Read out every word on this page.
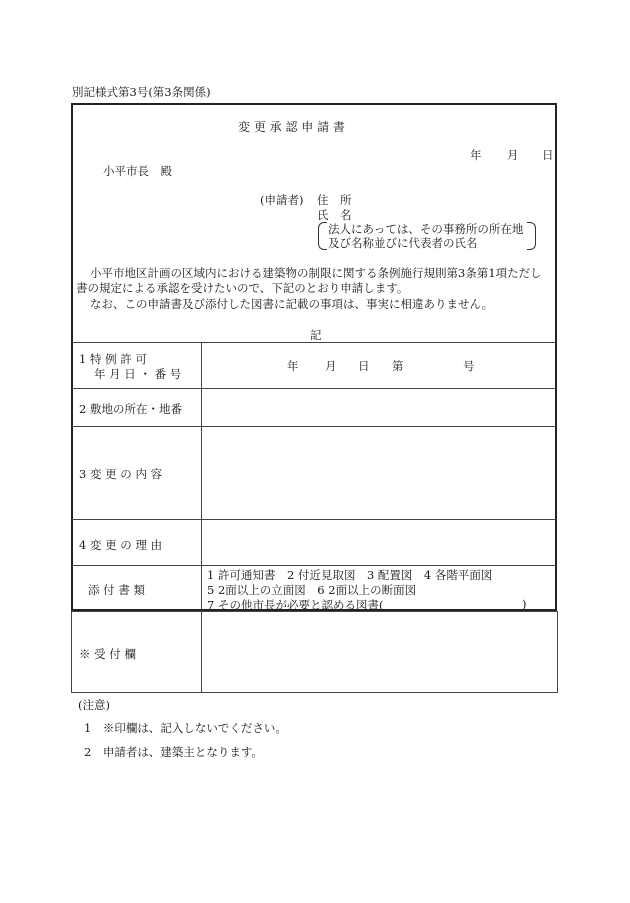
別記様式第3号(第3条関係)
変 更 承 認 申 請 書
年 月 日
小平市長　殿
(申請者) 住　所
氏　名
法人にあっては、その事務所の所在地
及び名称並びに代表者の氏名
小平市地区計画の区域内における建築物の制限に関する条例施行規則第3条第1項ただし
書の規定による承認を受けたいので、下記のとおり申請します。
なお、この申請書及び添付した図書に記載の事項は、事実に相違ありません。
記
1 特 例 許 可
年 月 日 ・ 番 号
年 月 日 第	号
2 敷地の所在・地番
3 変 更 の 内 容
4 変 更 の 理 由
添 付 書 類
1 許可通知書　2 付近見取図　3 配置図　4 各階平面図
5 2面以上の立面図　6 2面以上の断面図
7 その他市長が必要と認める図書(	)
※ 受 付 欄
(注意)
1　※印欄は、記入しないでください。
2　申請者は、建築主となります。
